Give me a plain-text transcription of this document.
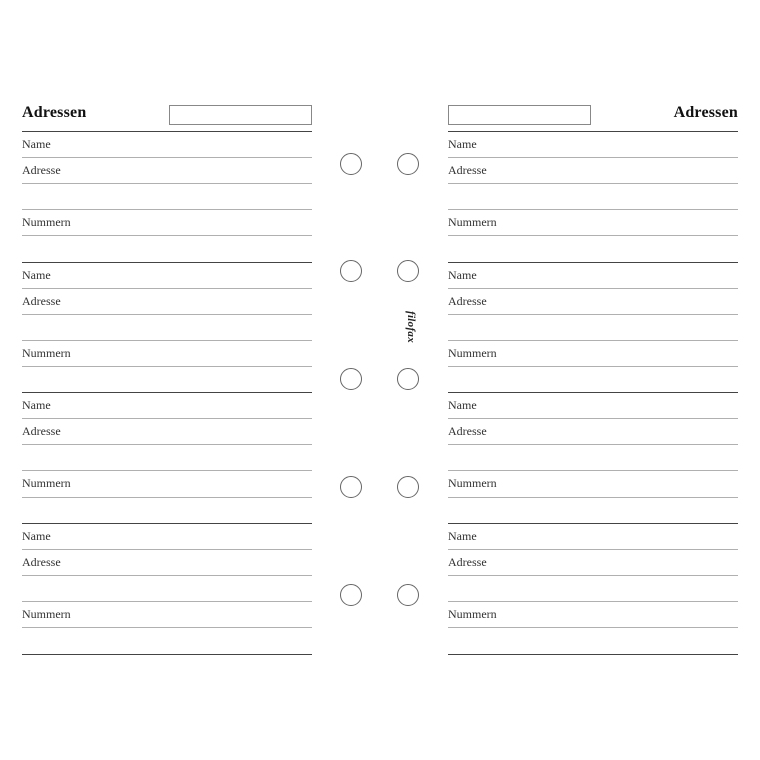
Adressen
Name
Adresse
Nummern
Name
Adresse
Nummern
Name
Adresse
Nummern
Name
Adresse
Nummern
filofax
Adressen
Name
Adresse
Nummern
Name
Adresse
Nummern
Name
Adresse
Nummern
Name
Adresse
Nummern
